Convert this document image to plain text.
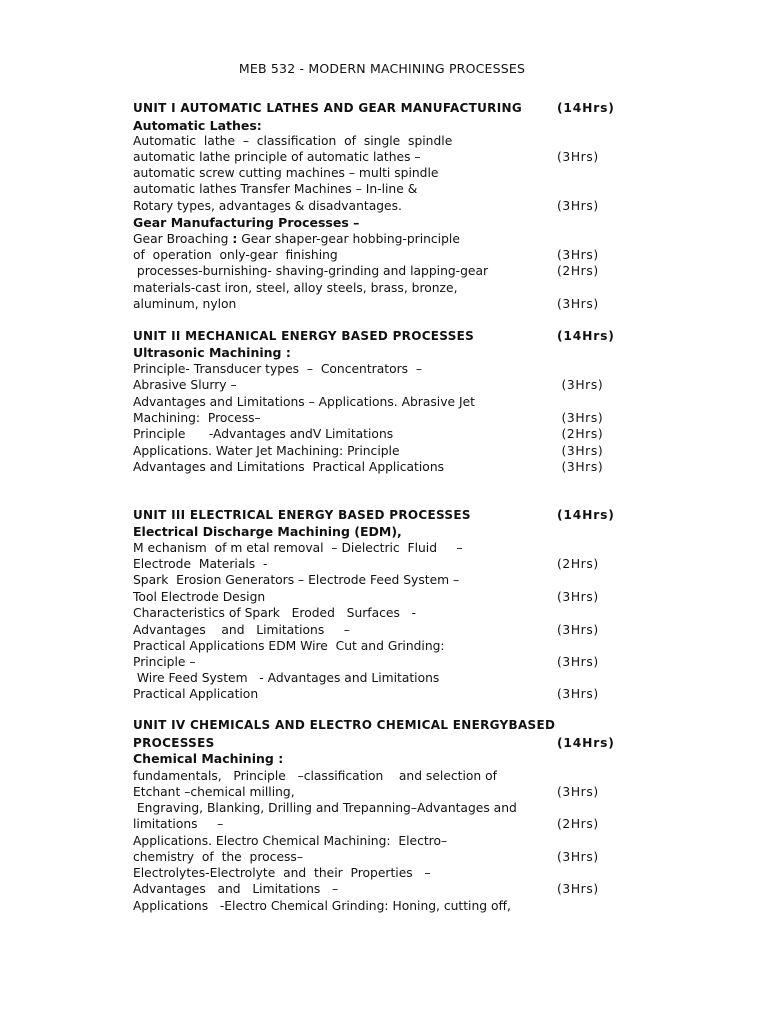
MEB 532 - MODERN MACHINING PROCESSES
UNIT I AUTOMATIC LATHES AND GEAR MANUFACTURING	(14Hrs)
Automatic Lathes:
Automatic  lathe  –  classification  of  single  spindle
automatic lathe principle of automatic lathes –	(3Hrs)
automatic screw cutting machines – multi spindle
automatic lathes Transfer Machines – In-line &
Rotary types, advantages & disadvantages.	(3Hrs)
Gear Manufacturing Processes –
Gear Broaching : Gear shaper-gear hobbing-principle
of  operation  only-gear  finishing	(3Hrs)
processes-burnishing- shaving-grinding and lapping-gear	(2Hrs)
materials-cast iron, steel, alloy steels, brass, bronze,
aluminum, nylon	(3Hrs)
UNIT II MECHANICAL ENERGY BASED PROCESSES	(14Hrs)
Ultrasonic Machining :
Principle- Transducer types  –  Concentrators  –
Abrasive Slurry –	(3Hrs)
Advantages and Limitations – Applications. Abrasive Jet
Machining:  Process–	(3Hrs)
Principle      -Advantages andV Limitations	(2Hrs)
Applications. Water Jet Machining: Principle	(3Hrs)
Advantages and Limitations  Practical Applications	(3Hrs)
UNIT III ELECTRICAL ENERGY BASED PROCESSES	(14Hrs)
Electrical Discharge Machining (EDM),
M echanism  of m etal removal  – Dielectric  Fluid     –
Electrode  Materials  -	(2Hrs)
Spark  Erosion Generators – Electrode Feed System –
Tool Electrode Design	(3Hrs)
Characteristics of Spark   Eroded   Surfaces   -
Advantages    and   Limitations     –	(3Hrs)
Practical Applications EDM Wire  Cut and Grinding:
Principle –	(3Hrs)
Wire Feed System   - Advantages and Limitations
Practical Application	(3Hrs)
UNIT IV CHEMICALS AND ELECTRO CHEMICAL ENERGYBASED
PROCESSES	(14Hrs)
Chemical Machining :
fundamentals,   Principle   –classification    and selection of
Etchant –chemical milling,	(3Hrs)
Engraving, Blanking, Drilling and Trepanning–Advantages and
limitations     –	(2Hrs)
Applications. Electro Chemical Machining:  Electro–
chemistry  of  the  process–	(3Hrs)
Electrolytes-Electrolyte  and  their  Properties   –
Advantages   and   Limitations   –	(3Hrs)
Applications   -Electro Chemical Grinding: Honing, cutting off,
